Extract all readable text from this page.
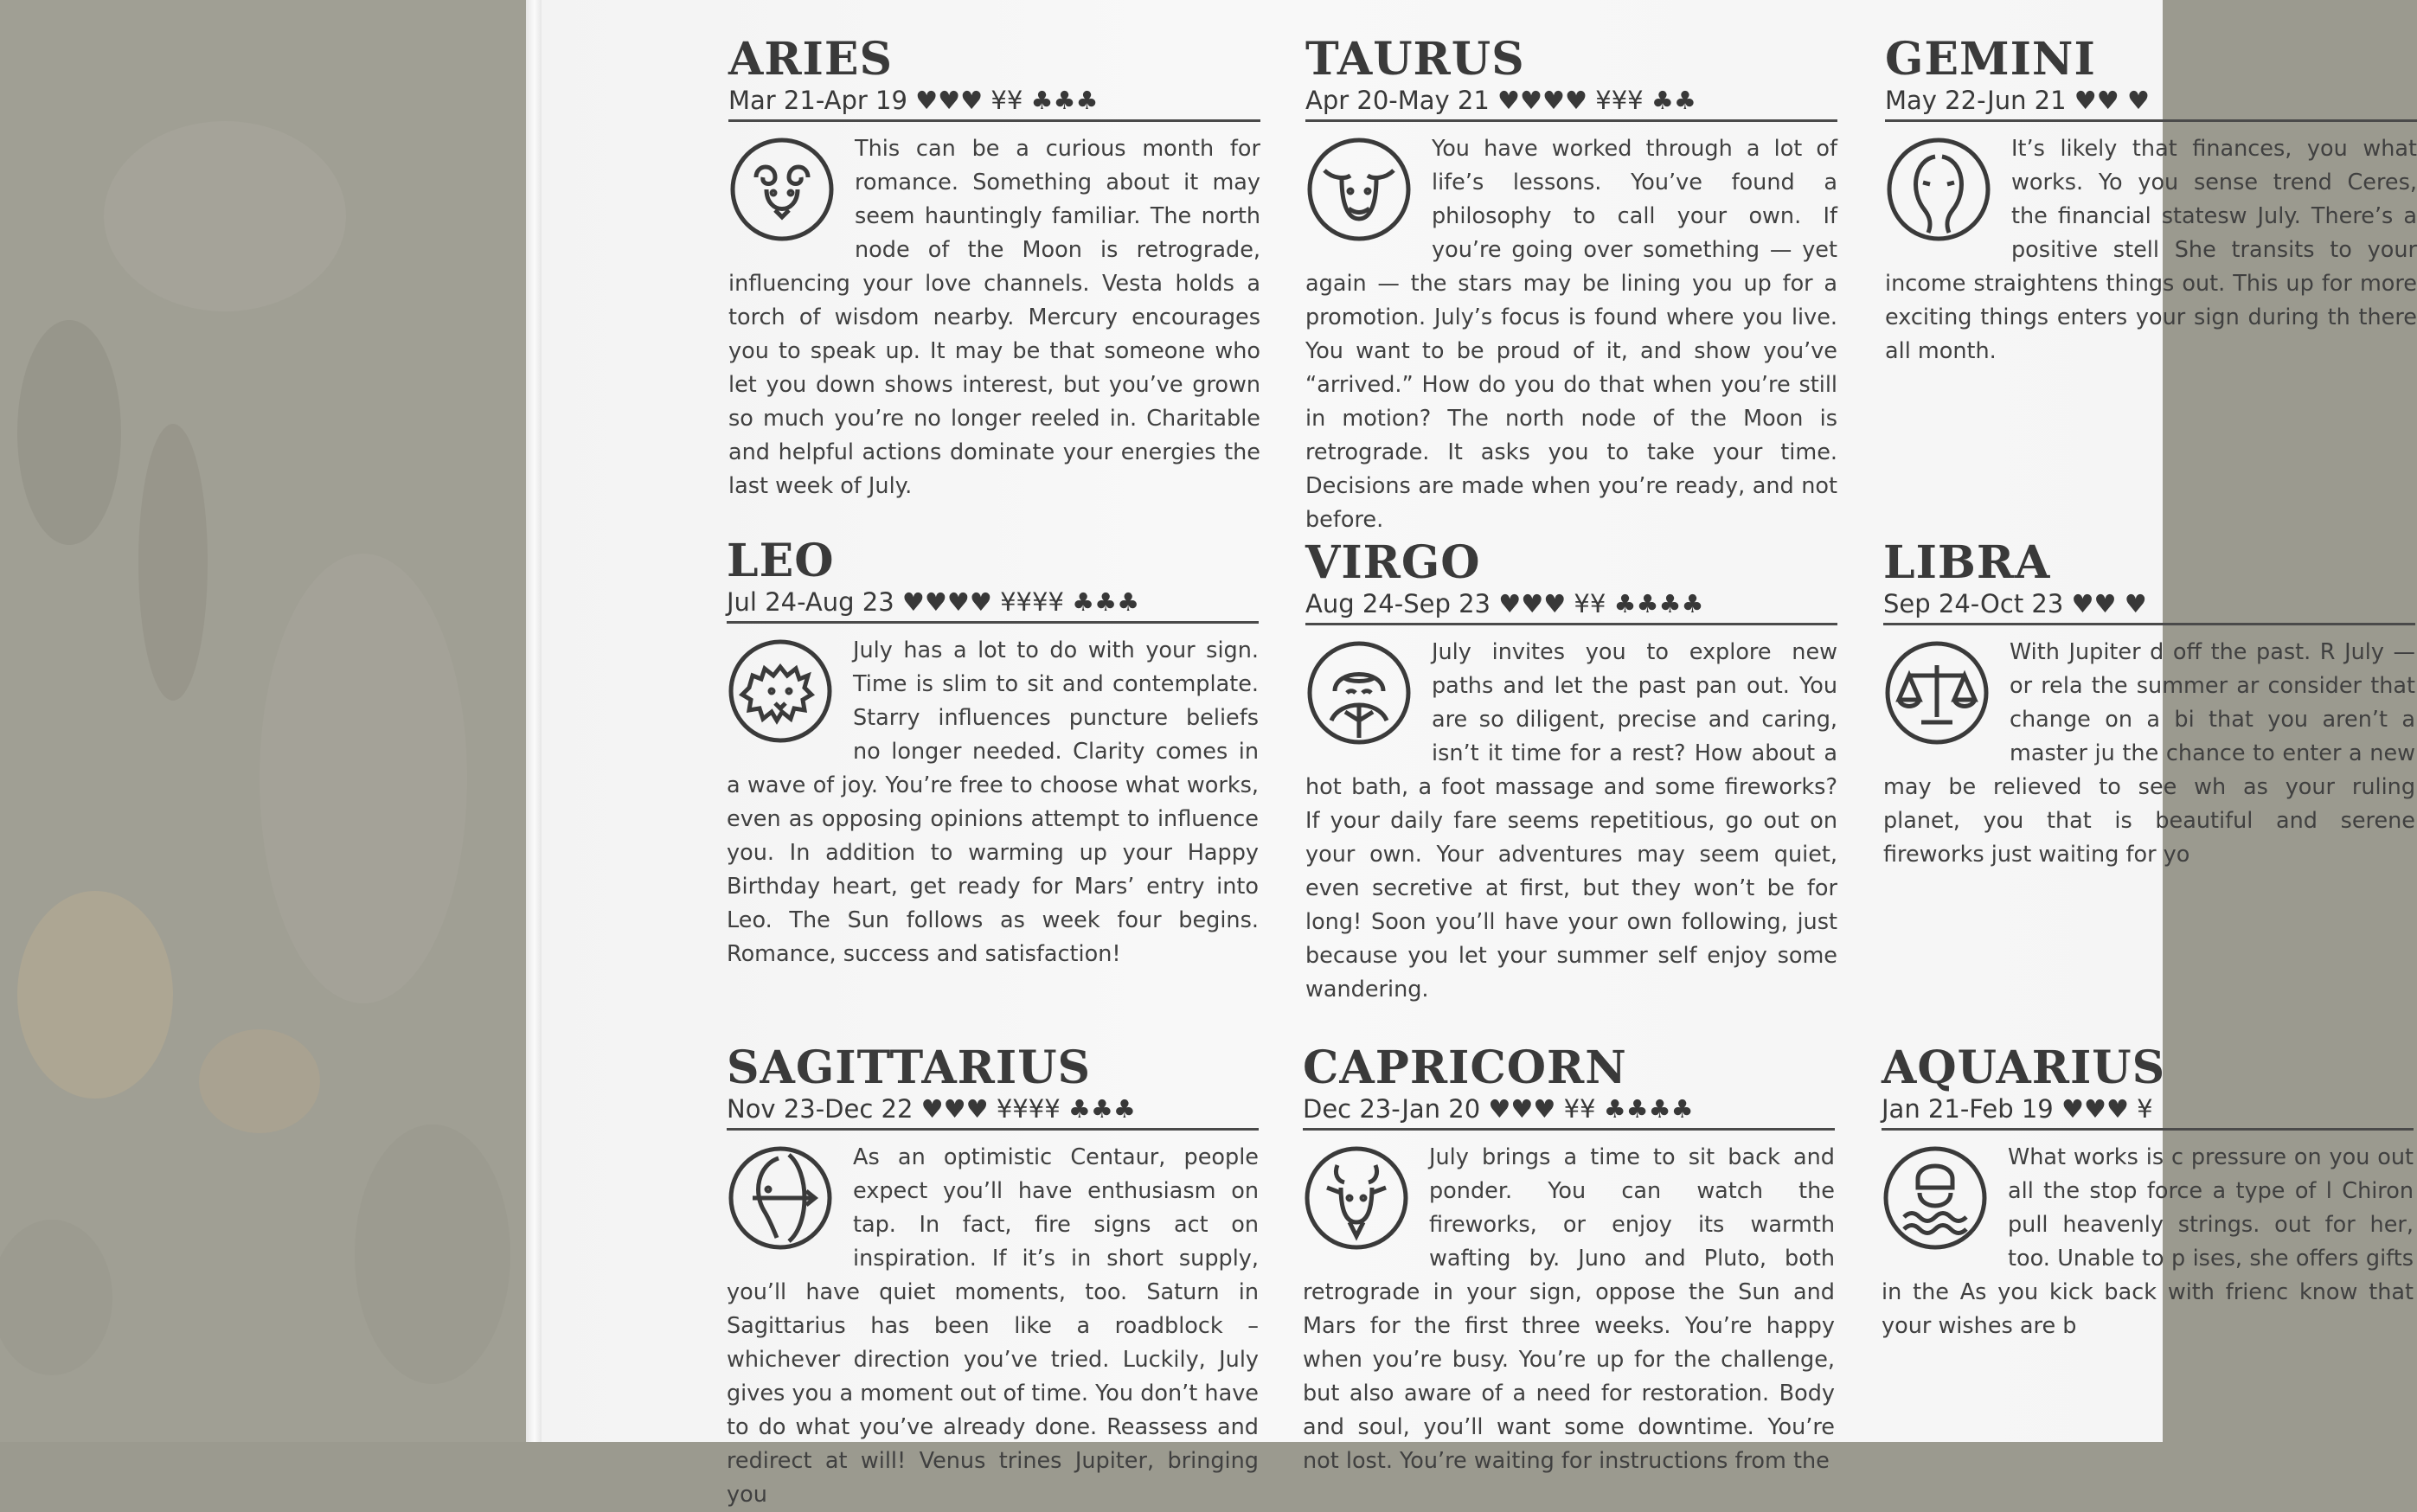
ARIES
Mar 21-Apr 19 ♥♥♥ ¥¥ ♣♣♣
This can be a curious month for romance. Something about it may seem hauntingly familiar. The north node of the Moon is retrograde, influencing your love channels. Vesta holds a torch of wisdom nearby. Mercury encourages you to speak up. It may be that someone who let you down shows interest, but you’ve grown so much you’re no longer reeled in. Charitable and helpful actions dominate your energies the last week of July.
TAURUS
Apr 20-May 21 ♥♥♥♥ ¥¥¥ ♣♣
You have worked through a lot of life’s lessons. You’ve found a philosophy to call your own. If you’re going over something — yet again — the stars may be lining you up for a promotion. July’s focus is found where you live. You want to be proud of it, and show you’ve “arrived.” How do you do that when you’re still in motion? The north node of the Moon is retrograde. It asks you to take your time. Decisions are made when you’re ready, and not before.
GEMINI
May 22-Jun 21 ♥♥ ♥
It’s likely that finances, you what works. Yo you sense trend Ceres, the financial statesw July. There’s a positive stell She transits to your income straightens things out. This up for more exciting things enters your sign during th there all month.
LEO
Jul 24-Aug 23 ♥♥♥♥ ¥¥¥¥ ♣♣♣
July has a lot to do with your sign. Time is slim to sit and contemplate. Starry influences puncture beliefs no longer needed. Clarity comes in a wave of joy. You’re free to choose what works, even as opposing opinions attempt to influence you. In addition to warming up your Happy Birthday heart, get ready for Mars’ entry into Leo. The Sun follows as week four begins. Romance, success and satisfaction!
VIRGO
Aug 24-Sep 23 ♥♥♥ ¥¥ ♣♣♣♣
July invites you to explore new paths and let the past pan out. You are so diligent, precise and caring, isn’t it time for a rest? How about a hot bath, a foot massage and some fireworks? If your daily fare seems repetitious, go out on your own. Your adventures may seem quiet, even secretive at first, but they won’t be for long! Soon you’ll have your own following, just because you let your summer self enjoy some wandering.
LIBRA
Sep 24-Oct 23 ♥♥ ♥
With Jupiter d off the past. R July — or rela the summer ar consider that change on a bi that you aren’t a master ju the chance to enter a new may be relieved to see wh as your ruling planet, you that is beautiful and serene fireworks just waiting for yo
SAGITTARIUS
Nov 23-Dec 22 ♥♥♥ ¥¥¥¥ ♣♣♣
As an optimistic Centaur, people expect you’ll have enthusiasm on tap. In fact, fire signs act on inspiration. If it’s in short supply, you’ll have quiet moments, too. Saturn in Sagittarius has been like a roadblock – whichever direction you’ve tried. Luckily, July gives you a moment out of time. You don’t have to do what you’ve already done. Reassess and redirect at will! Venus trines Jupiter, bringing you
CAPRICORN
Dec 23-Jan 20 ♥♥♥ ¥¥ ♣♣♣♣
July brings a time to sit back and ponder. You can watch the fireworks, or enjoy its warmth wafting by. Juno and Pluto, both retrograde in your sign, oppose the Sun and Mars for the first three weeks. You’re happy when you’re busy. You’re up for the challenge, but also aware of a need for restoration. Body and soul, you’ll want some downtime. You’re not lost. You’re waiting for instructions from the
AQUARIUS
Jan 21-Feb 19 ♥♥♥ ¥
What works is c pressure on you out all the stop force a type of l Chiron pull heavenly strings. out for her, too. Unable to p ises, she offers gifts in the As you kick back with frienc know that your wishes are b
